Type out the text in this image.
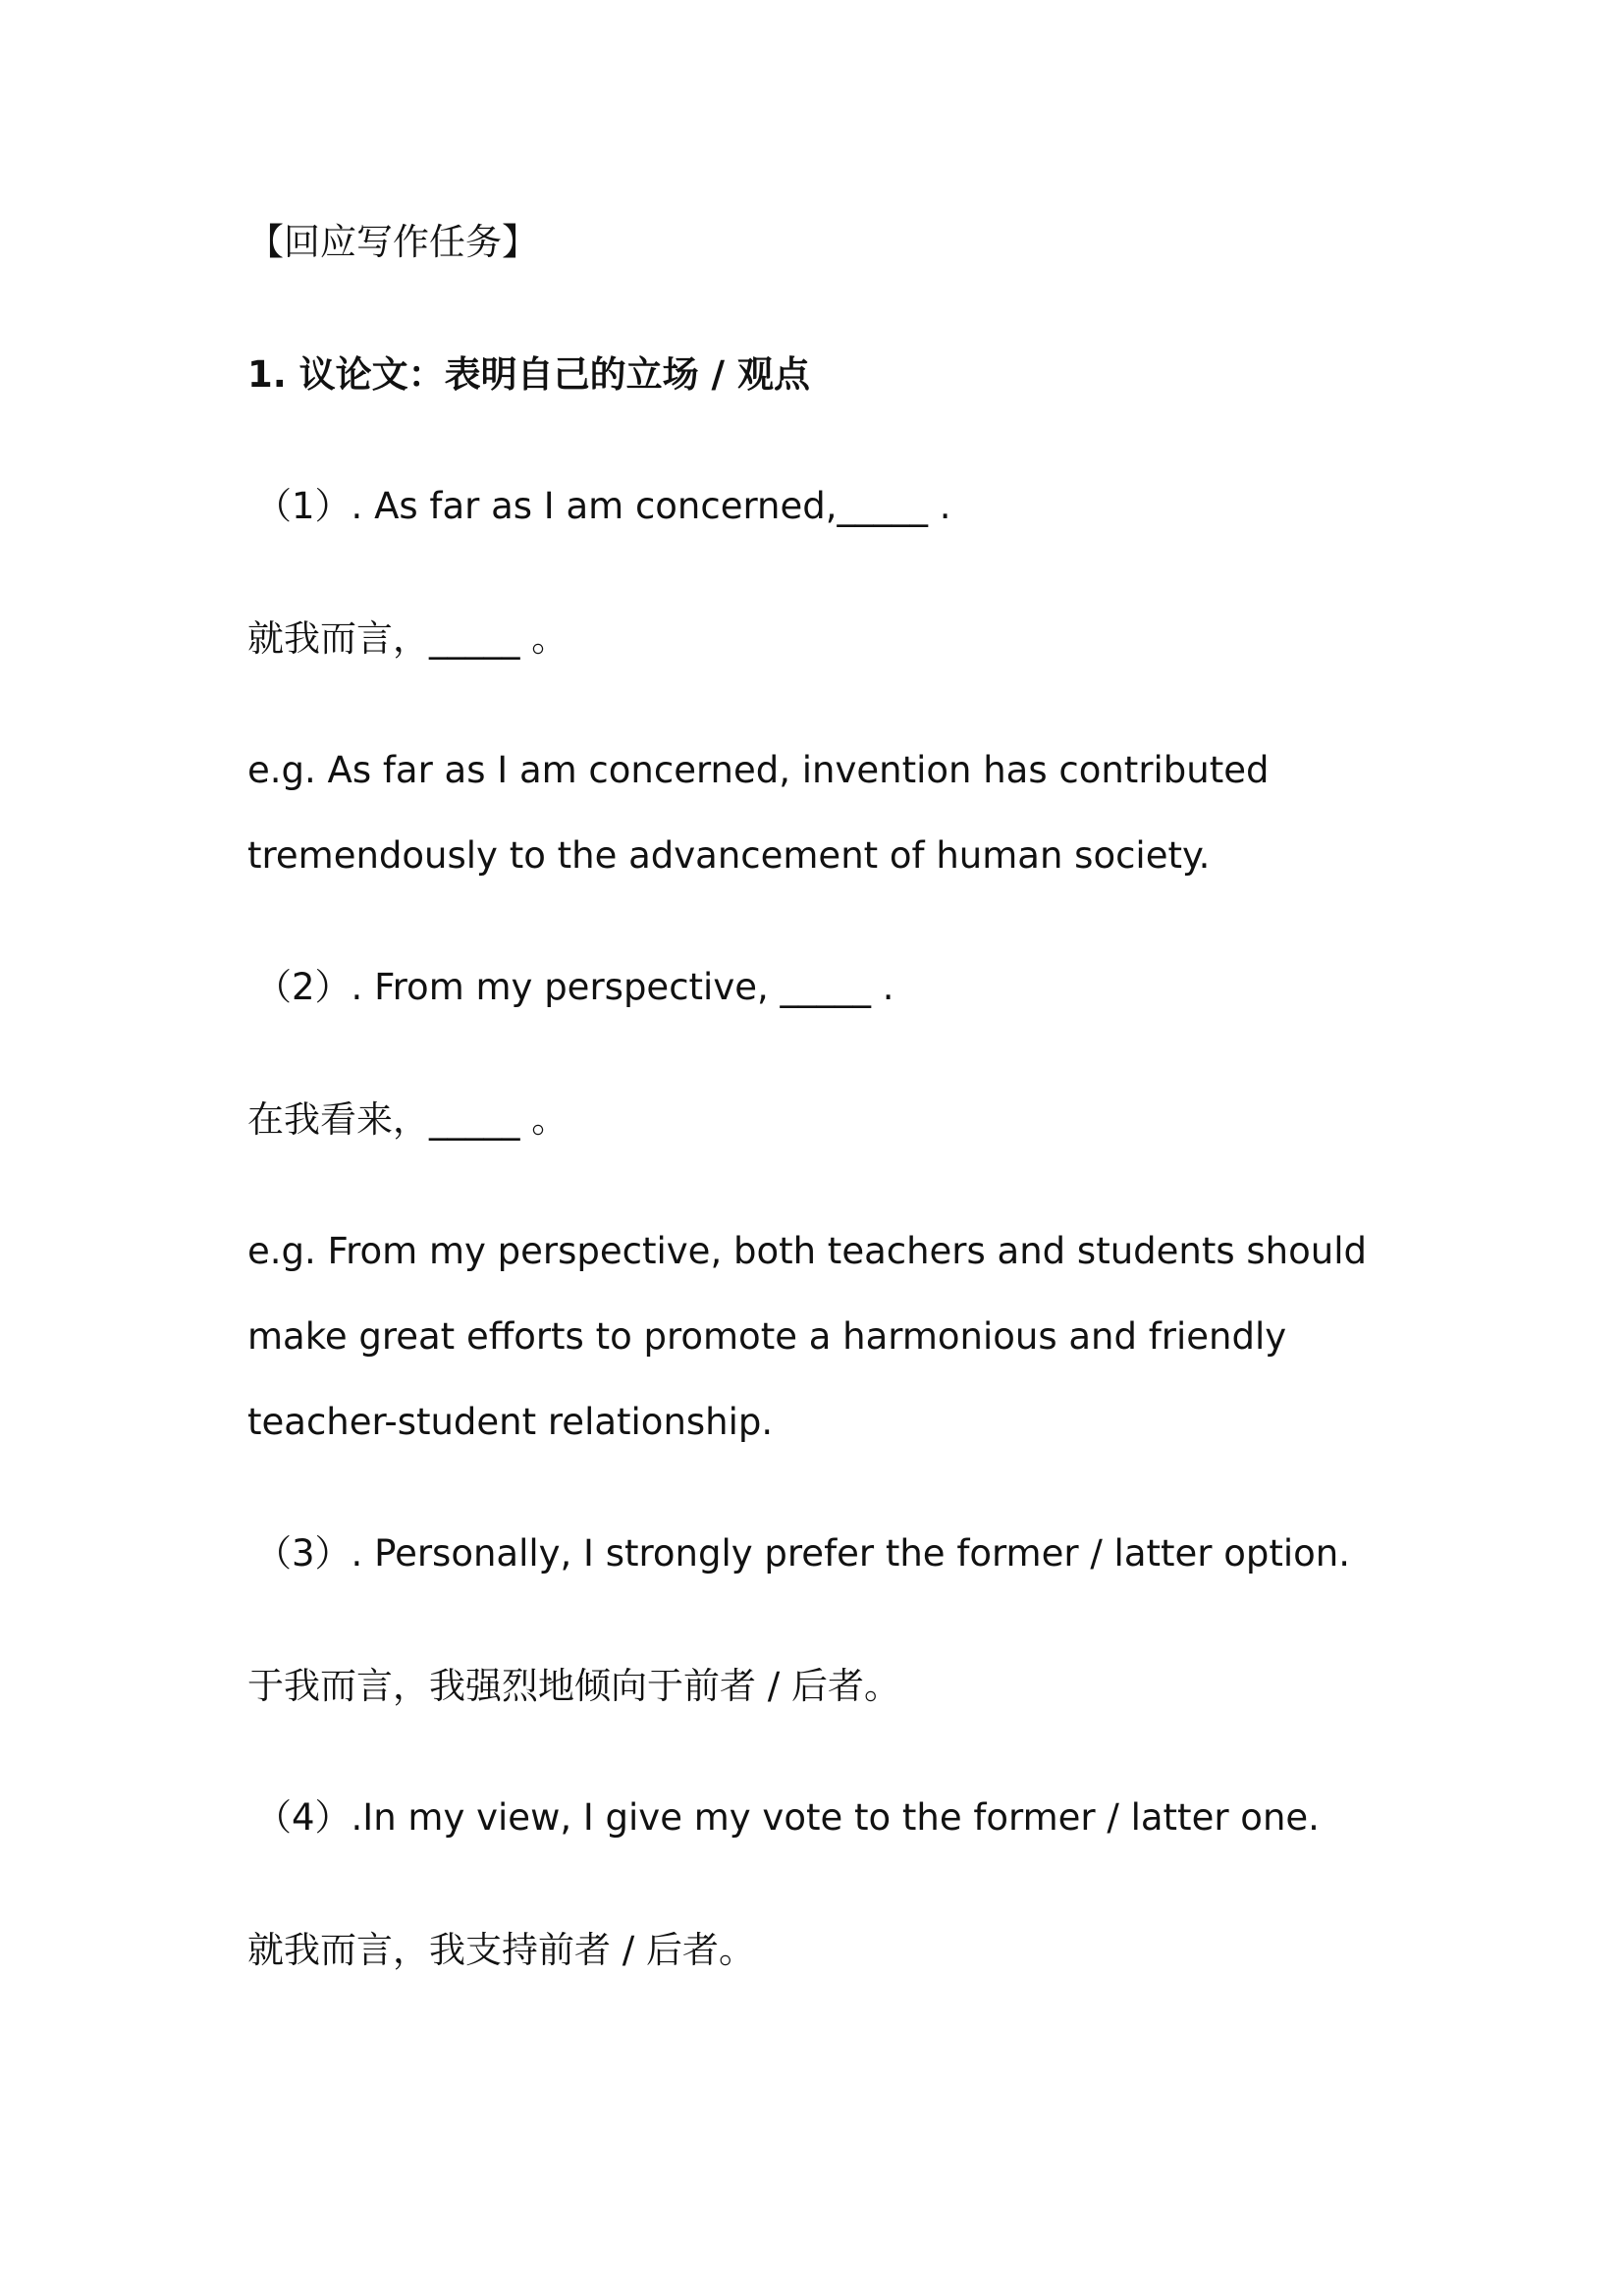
【回应写作任务】
1. 议论文：表明自己的立场 / 观点
（1）. As far as I am concerned,_____ .
就我而言，_____ 。
e.g. As far as I am concerned, invention has contributed
tremendously to the advancement of human society.
（2）. From my perspective, _____ .
在我看来，_____ 。
e.g. From my perspective, both teachers and students should
make great efforts to promote a harmonious and friendly
teacher-student relationship.
（3）. Personally, I strongly prefer the former / latter option.
于我而言，我强烈地倾向于前者 / 后者。
（4）.In my view, I give my vote to the former / latter one.
就我而言，我支持前者 / 后者。
